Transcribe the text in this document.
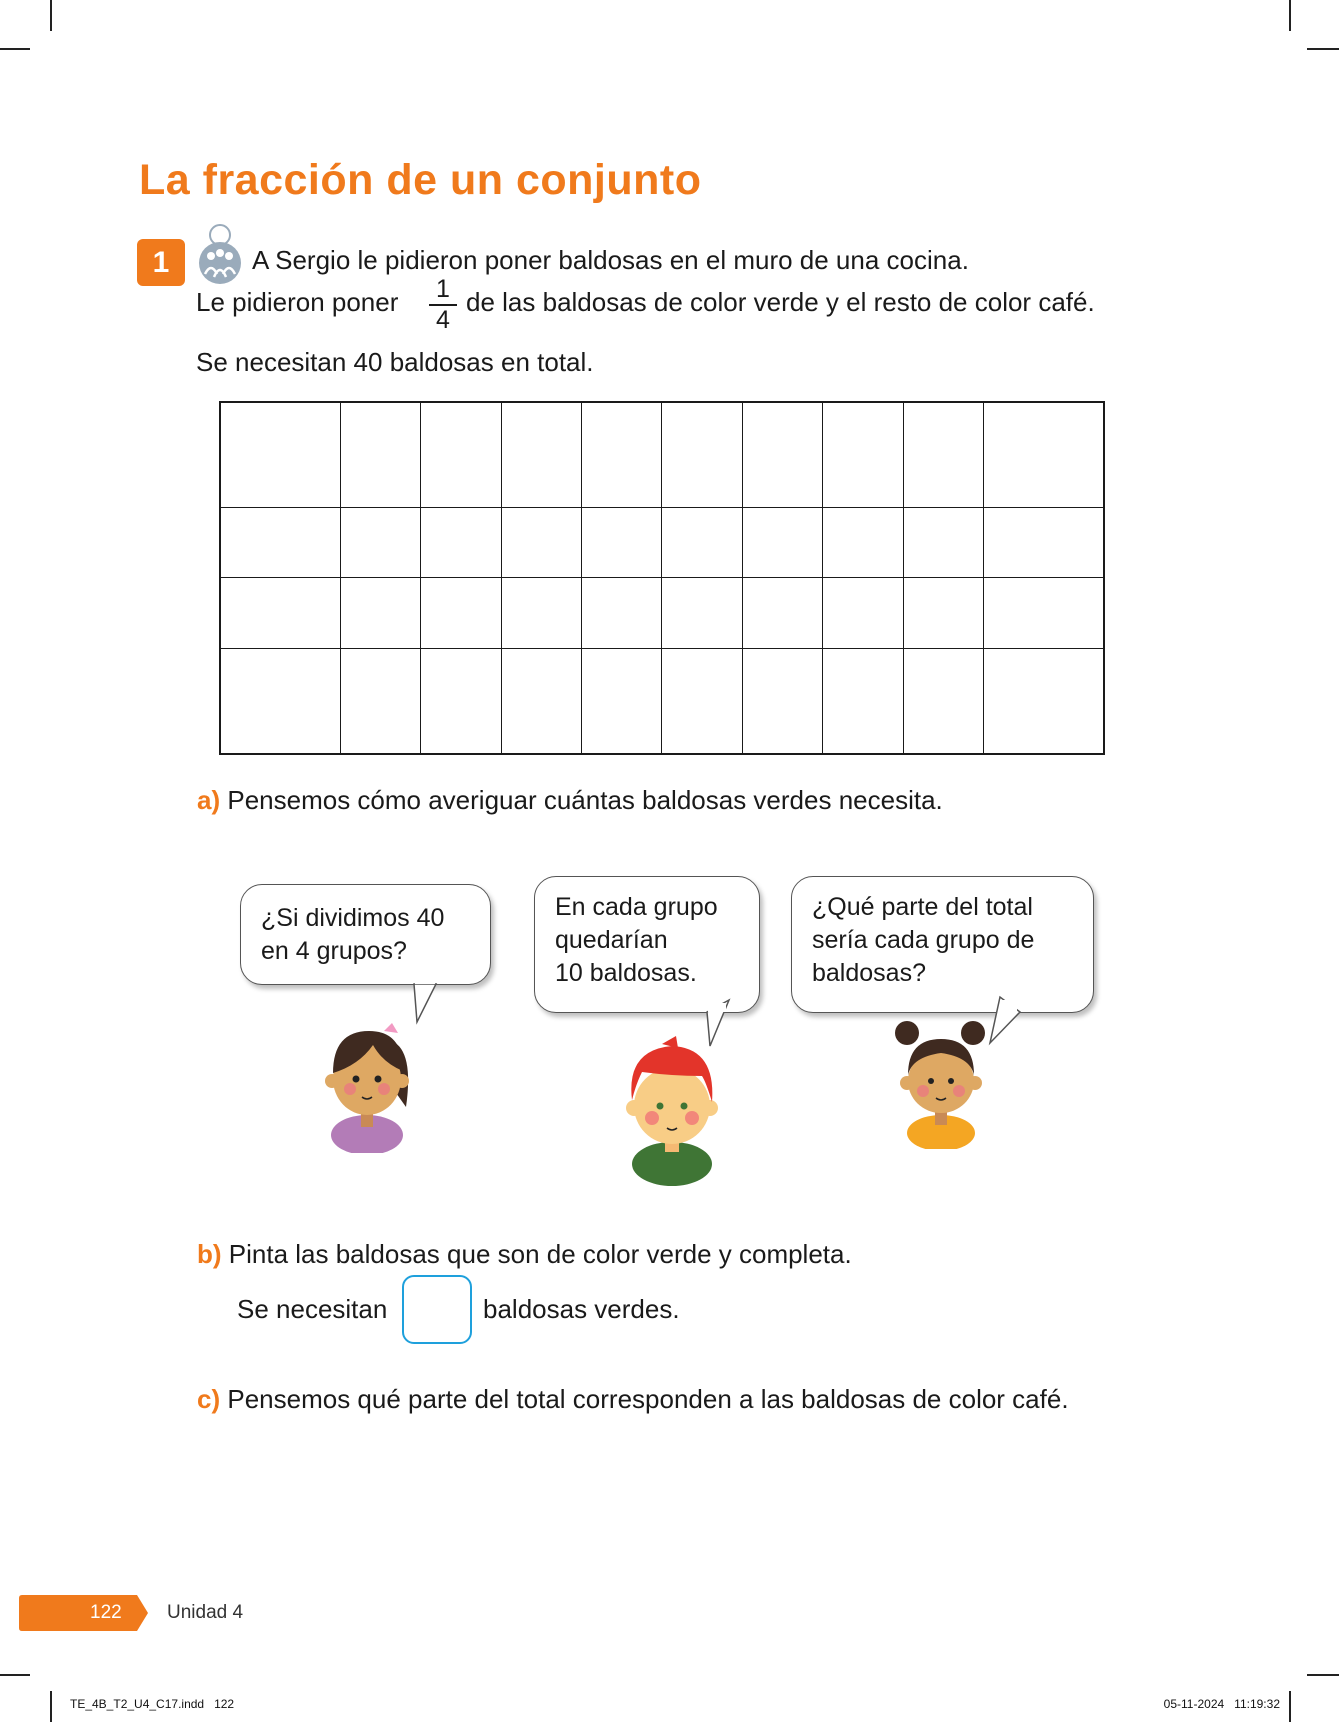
La fracción de un conjunto
1	A Sergio le pidieron poner baldosas en el muro de una cocina.
Le pidieron poner 1
4
de las baldosas de color verde y el resto de color café.
Se necesitan 40 baldosas en total.

a) Pensemos cómo averiguar cuántas baldosas verdes necesita.
¿Si dividimos 40
en 4 grupos?
En cada grupo
quedarían
10 baldosas.
¿Qué parte del total
sería cada grupo de
baldosas?
b) Pinta las baldosas que son de color verde y completa.
Se necesitan	baldosas verdes.
c) Pensemos qué parte del total corresponden a las baldosas de color café.
122 Unidad 4
TE_4B_T2_U4_C17.indd   122	05-11-2024   11:19:32
